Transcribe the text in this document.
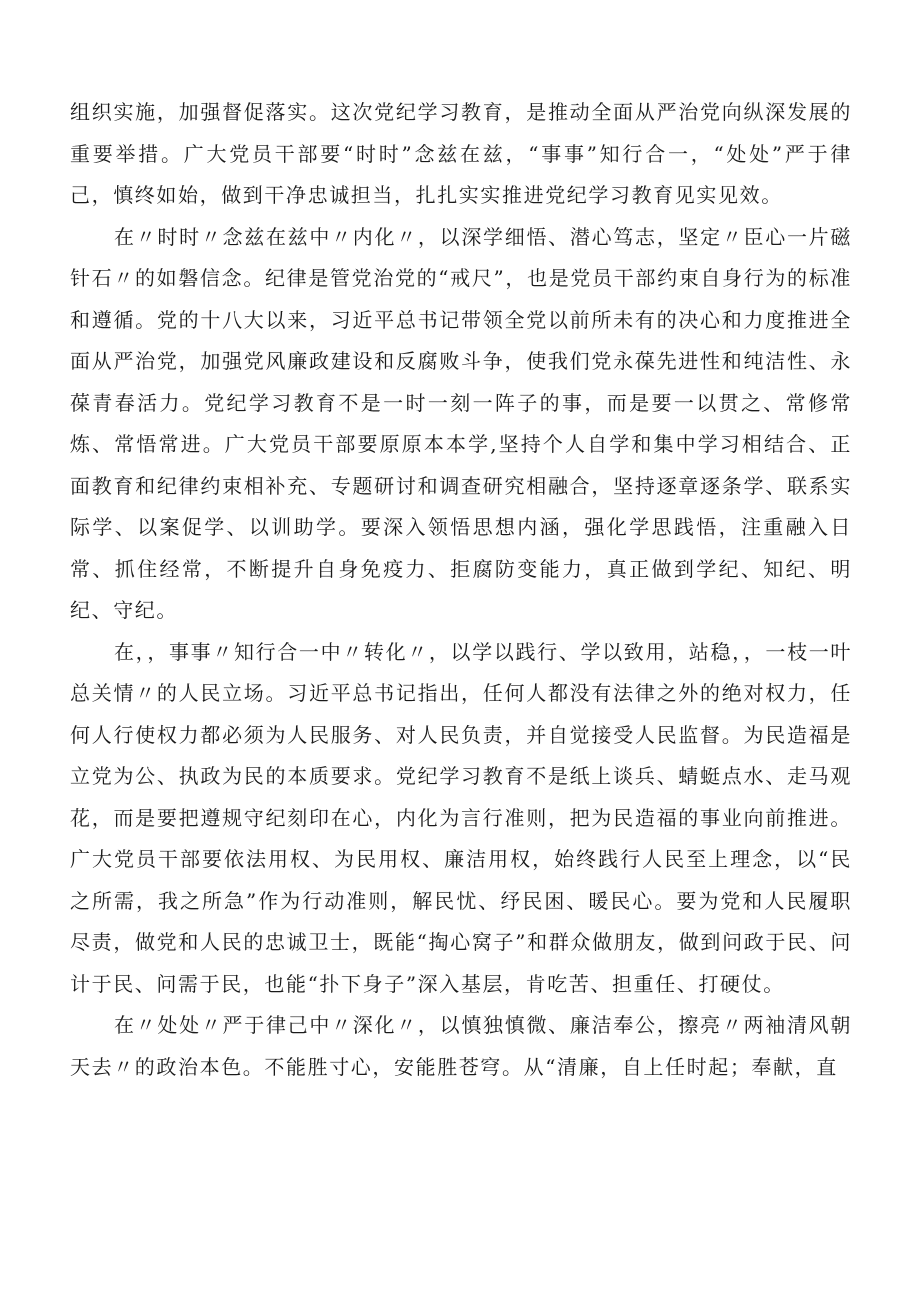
组织实施，加强督促落实。这次党纪学习教育，是推动全面从严治党向纵深发展的重要举措。广大党员干部要“时时”念兹在兹，“事事”知行合一，“处处”严于律己，慎终如始，做到干净忠诚担当，扎扎实实推进党纪学习教育见实见效。

在〃时时〃念兹在兹中〃内化〃，以深学细悟、潜心笃志，坚定〃臣心一片磁针石〃的如磐信念。纪律是管党治党的“戒尺”，也是党员干部约束自身行为的标准和遵循。党的十八大以来，习近平总书记带领全党以前所未有的决心和力度推进全面从严治党，加强党风廉政建设和反腐败斗争，使我们党永葆先进性和纯洁性、永葆青春活力。党纪学习教育不是一时一刻一阵子的事，而是要一以贯之、常修常炼、常悟常进。广大党员干部要原原本本学,坚持个人自学和集中学习相结合、正面教育和纪律约束相补充、专题研讨和调查研究相融合，坚持逐章逐条学、联系实际学、以案促学、以训助学。要深入领悟思想内涵，强化学思践悟，注重融入日常、抓住经常，不断提升自身免疫力、拒腐防变能力，真正做到学纪、知纪、明纪、守纪。

在，，事事〃知行合一中〃转化〃，以学以践行、学以致用，站稳，，一枝一叶总关情〃的人民立场。习近平总书记指出，任何人都没有法律之外的绝对权力，任何人行使权力都必须为人民服务、对人民负责，并自觉接受人民监督。为民造福是立党为公、执政为民的本质要求。党纪学习教育不是纸上谈兵、蜻蜓点水、走马观花，而是要把遵规守纪刻印在心，内化为言行准则，把为民造福的事业向前推进。广大党员干部要依法用权、为民用权、廉洁用权，始终践行人民至上理念，以“民之所需，我之所急”作为行动准则，解民忧、纾民困、暖民心。要为党和人民履职尽责，做党和人民的忠诚卫士，既能“掏心窝子”和群众做朋友，做到问政于民、问计于民、问需于民，也能“扑下身子”深入基层，肯吃苦、担重任、打硬仗。

在〃处处〃严于律己中〃深化〃，以慎独慎微、廉洁奉公，擦亮〃两袖清风朝天去〃的政治本色。不能胜寸心，安能胜苍穹。从“清廉，自上任时起；奉献，直
